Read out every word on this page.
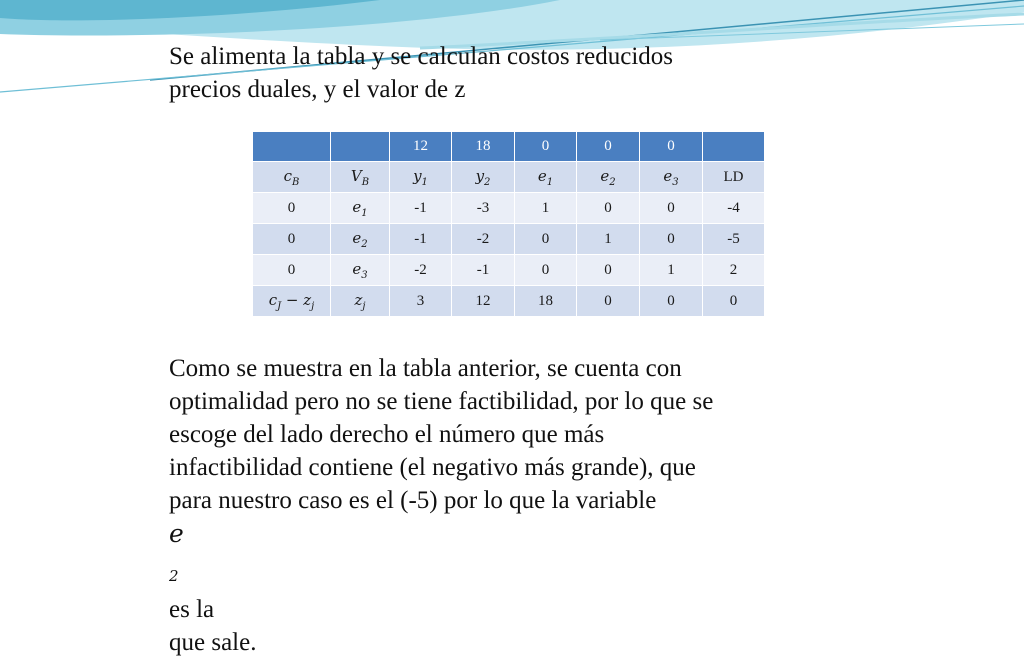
Se alimenta la tabla y se calculan costos reducidos
precios duales, y el valor de z
		12	18	0	0	0	
$c_B$	$V_B$	$y_1$	$y_2$	$e_1$	$e_2$	$e_3$	LD
0	$e_1$	-1	-3	1	0	0	-4
0	$e_2$	-1	-2	0	1	0	-5
0	$e_3$	-2	-1	0	0	1	2
$c_J - z_j$	$z_j$	3	12	18	0	0	0
Como se muestra en la tabla anterior, se cuenta con
optimalidad pero no se tiene factibilidad, por lo que se
escoge del lado derecho el número que más
infactibilidad contiene (el negativo más grande), que
para nuestro caso es el (-5) por lo que la variable
e
$_2$
es la
que sale.
